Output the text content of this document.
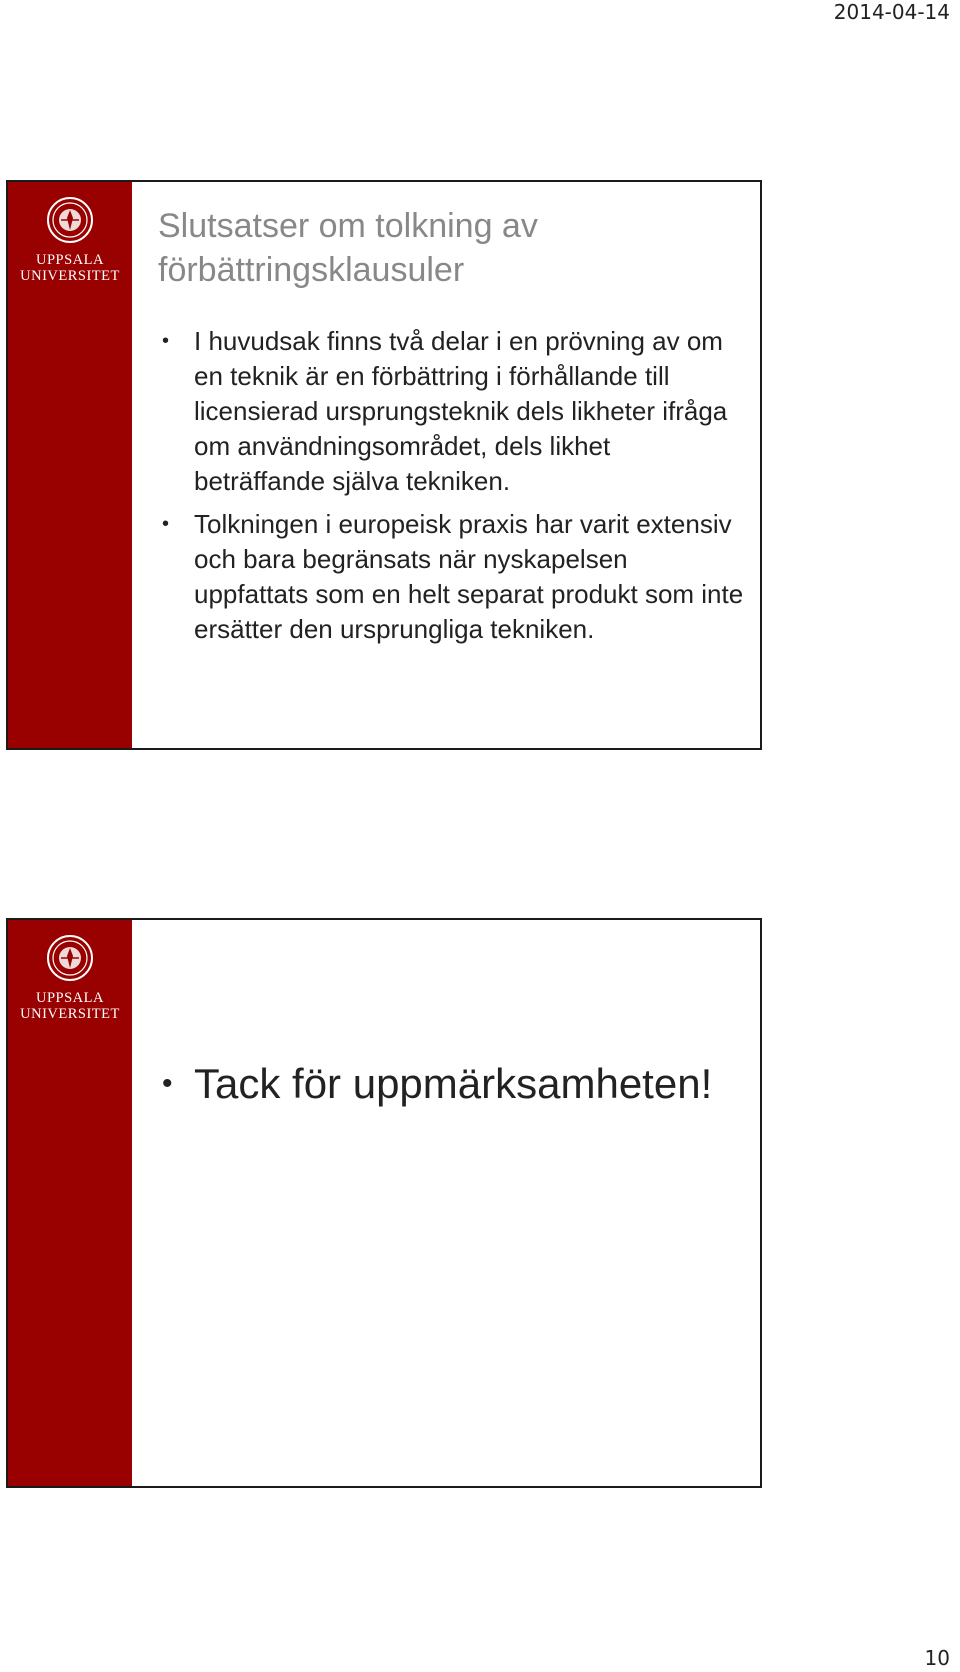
2014-04-14
UPPSALA
UNIVERSITET
Slutsatser om tolkning av förbättringsklausuler
• I huvudsak finns två delar i en prövning av om en teknik är en förbättring i förhållande till licensierad ursprungsteknik dels likheter ifråga om användningsområdet, dels likhet beträffande själva tekniken.
• Tolkningen i europeisk praxis har varit extensiv och bara begränsats när nyskapelsen uppfattats som en helt separat produkt som inte ersätter den ursprungliga tekniken.
UPPSALA
UNIVERSITET
• Tack för uppmärksamheten!
10
